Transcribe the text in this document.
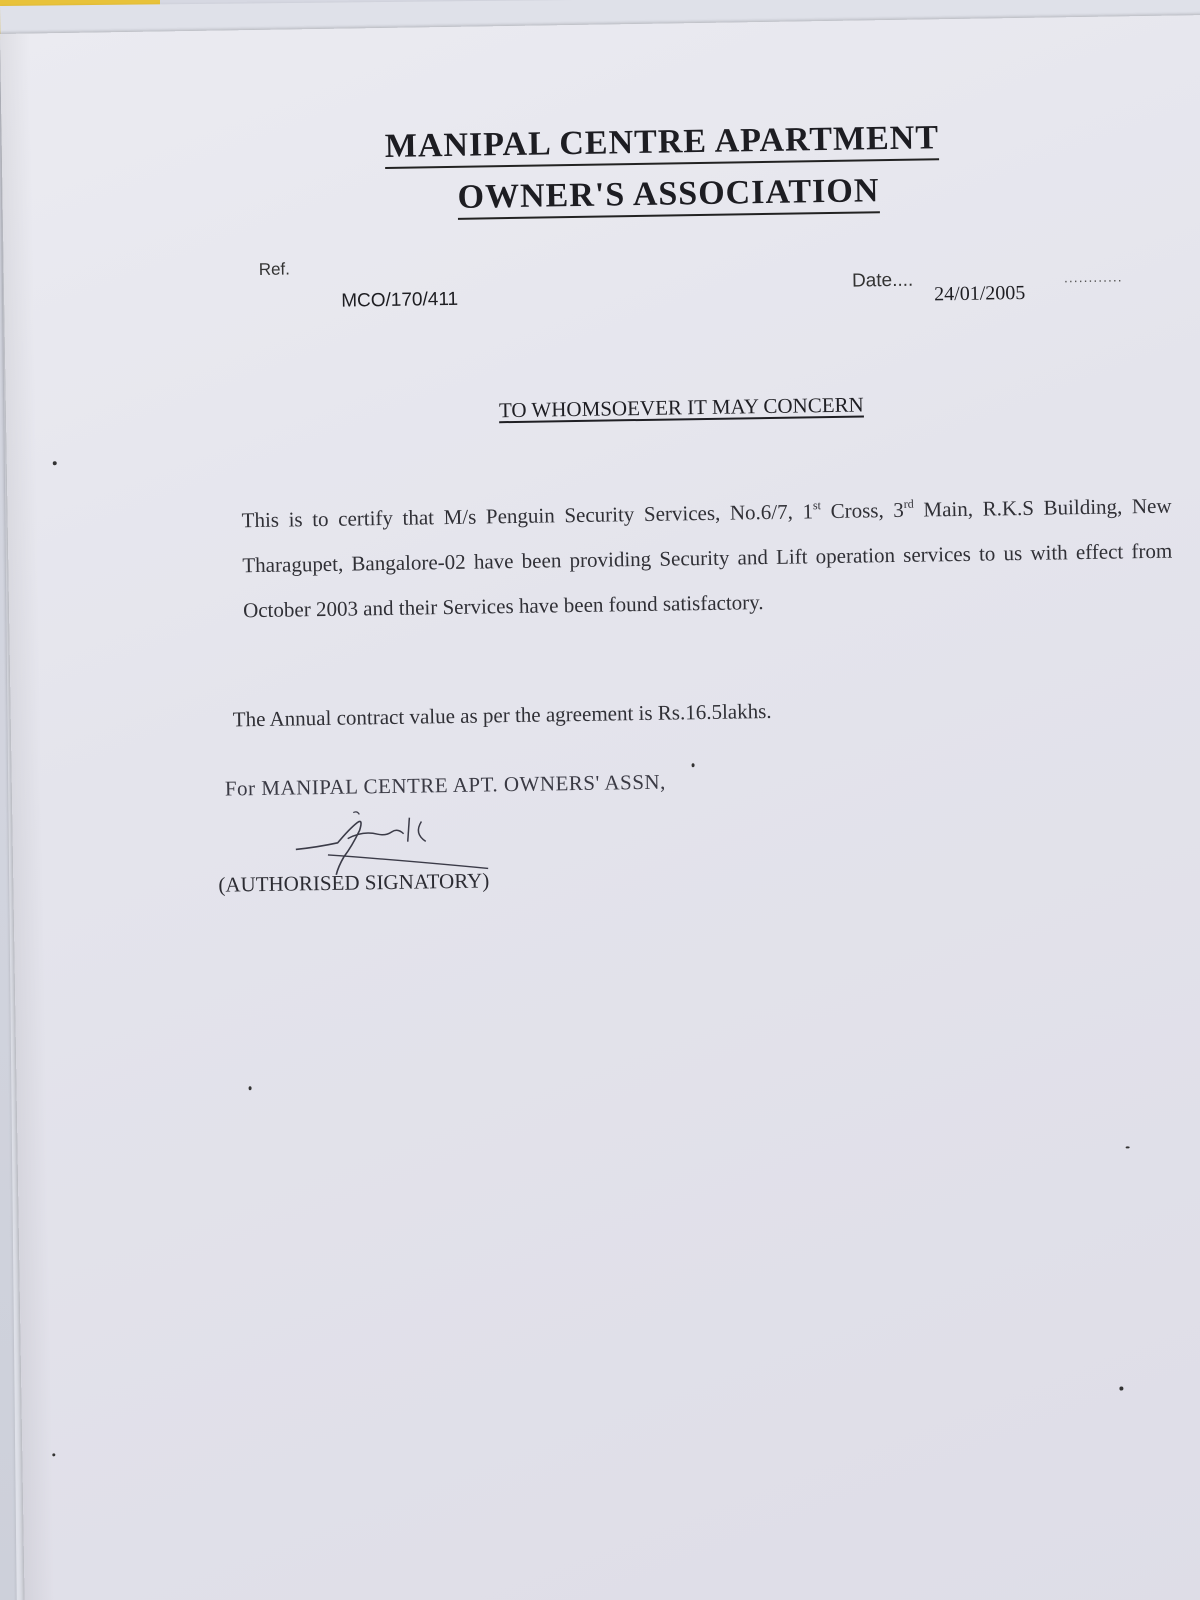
MANIPAL CENTRE APARTMENT
OWNER'S ASSOCIATION
Ref.
MCO/170/411
Date....	............
24/01/2005
TO WHOMSOEVER IT MAY CONCERN
This is to certify that M/s Penguin Security Services, No.6/7, 1st Cross, 3rd Main, R.K.S Building, New Tharagupet, Bangalore-02 have been providing Security and Lift operation services to us with effect from October 2003 and their Services have been found satisfactory.
The Annual contract value as per the agreement is Rs.16.5lakhs.
For MANIPAL CENTRE APT. OWNERS' ASSN,
(AUTHORISED SIGNATORY)
